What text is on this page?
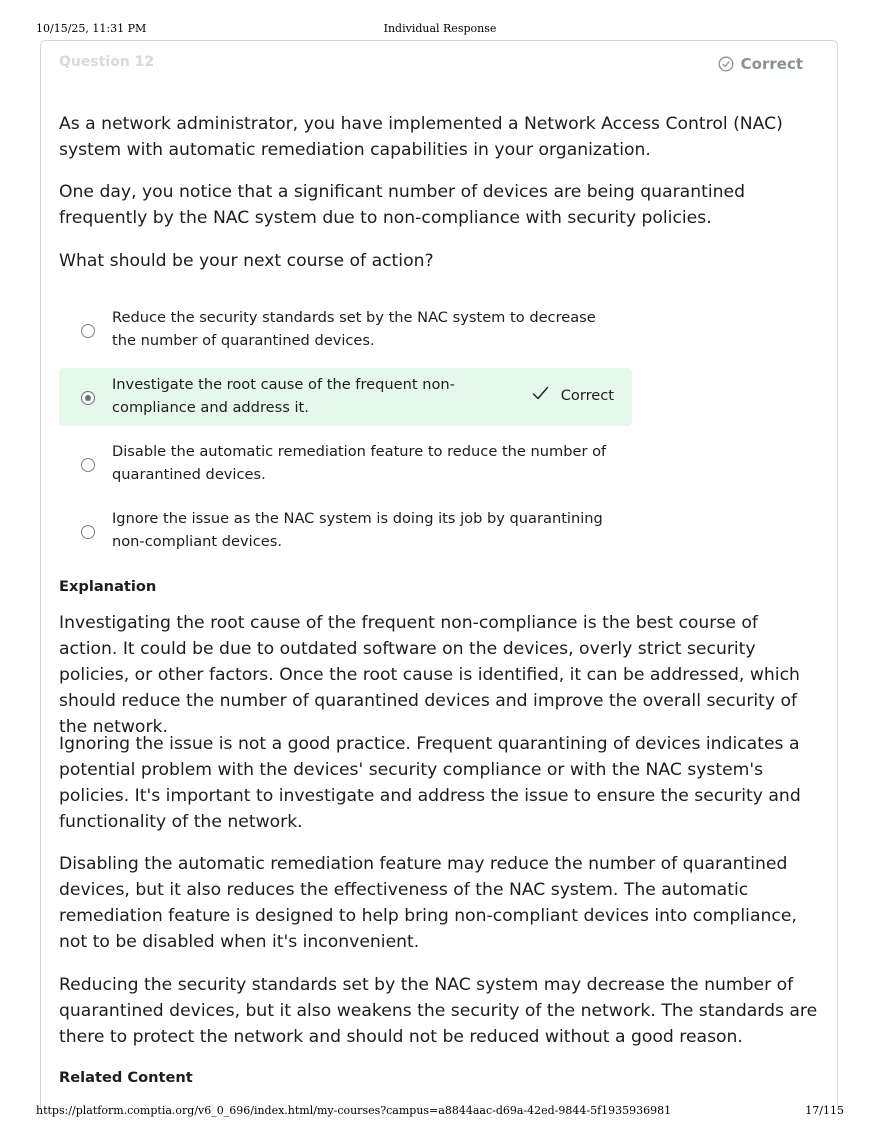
10/15/25, 11:31 PM	Individual Response
Question 12	Correct

As a network administrator, you have implemented a Network Access Control (NAC) system with automatic remediation capabilities in your organization.

One day, you notice that a significant number of devices are being quarantined frequently by the NAC system due to non-compliance with security policies.

What should be your next course of action?

Reduce the security standards set by the NAC system to decrease the number of quarantined devices.
Investigate the root cause of the frequent non-compliance and address it.
Correct
Disable the automatic remediation feature to reduce the number of quarantined devices.
Ignore the issue as the NAC system is doing its job by quarantining non-compliant devices.
Explanation

Investigating the root cause of the frequent non-compliance is the best course of action. It could be due to outdated software on the devices, overly strict security policies, or other factors. Once the root cause is identified, it can be addressed, which should reduce the number of quarantined devices and improve the overall security of the network.

Ignoring the issue is not a good practice. Frequent quarantining of devices indicates a potential problem with the devices' security compliance or with the NAC system's policies. It's important to investigate and address the issue to ensure the security and functionality of the network.

Disabling the automatic remediation feature may reduce the number of quarantined devices, but it also reduces the effectiveness of the NAC system. The automatic remediation feature is designed to help bring non-compliant devices into compliance, not to be disabled when it's inconvenient.

Reducing the security standards set by the NAC system may decrease the number of quarantined devices, but it also weakens the security of the network. The standards are there to protect the network and should not be reduced without a good reason.

Related Content
https://platform.comptia.org/v6_0_696/index.html/my-courses?campus=a8844aac-d69a-42ed-9844-5f1935936981	17/115
